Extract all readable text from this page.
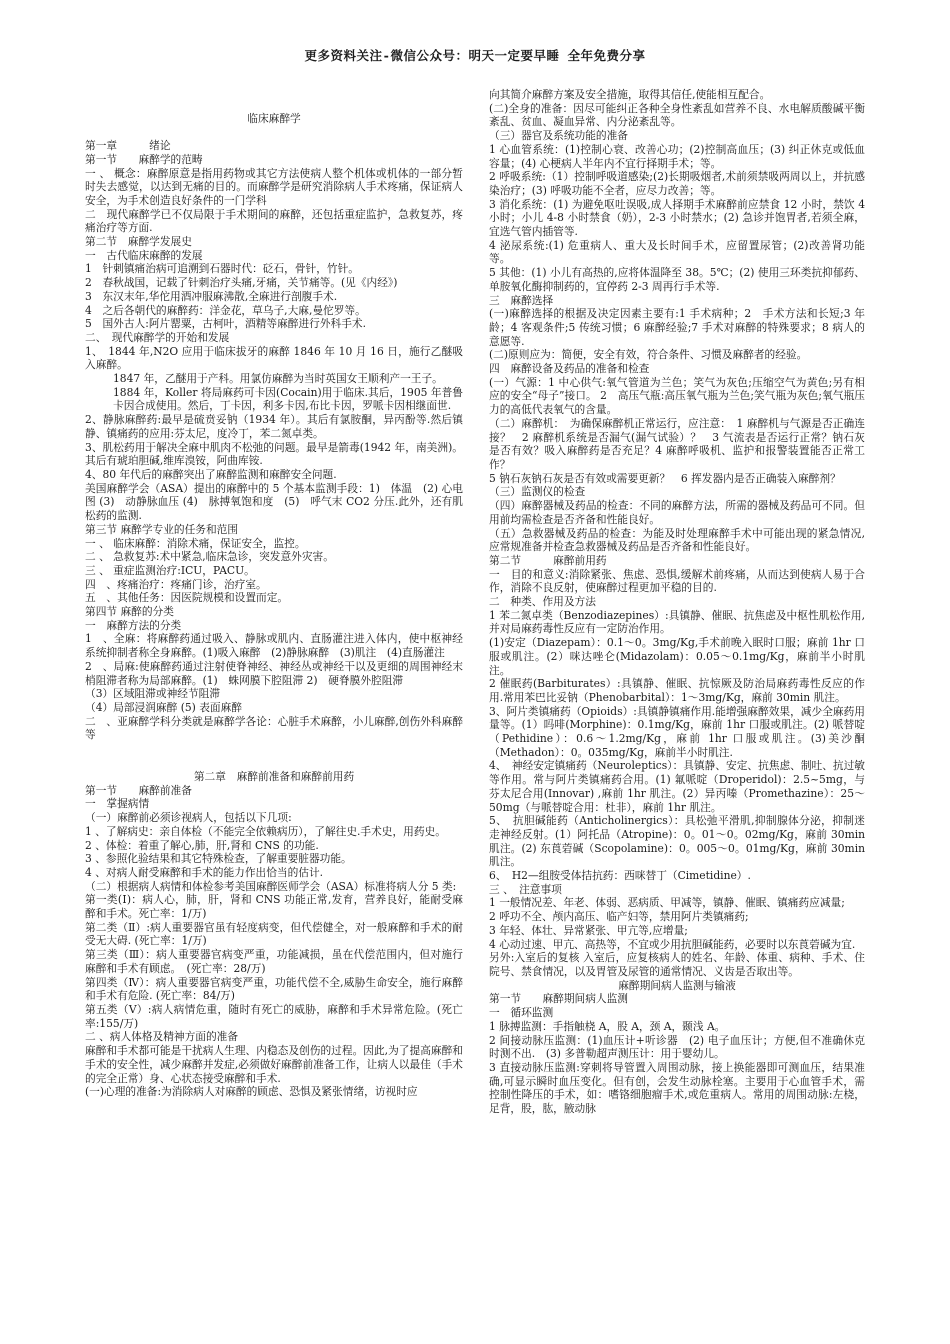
更多资料关注-微信公众号：明天一定要早睡 全年免费分享

临床麻醉学

第一章　　　绪论

第一节　　麻醉学的范畴

一 、 概念：麻醉原意是指用药物或其它方法使病人整个机体或机体的一部分暂时失去感觉，以达到无痛的目的。而麻醉学是研究消除病人手术疼痛，保证病人安全，为手术创造良好条件的一门学科

二　现代麻醉学已不仅局限于手术期间的麻醉，还包括重症监护，急救复苏，疼痛治疗等方面.

第二节　麻醉学发展史

一　古代临床麻醉的发展

1　针刺镇痛治病可追溯到石器时代：砭石，骨针，竹针。

2　春秋战国，记载了针刺治疗头痛,牙痛，关节痛等。(见《内经》)

3　东汉末年,华佗用酒冲服麻沸散,全麻进行剖腹手术.

4　之后各朝代的麻醉药：洋金花，草乌子,大麻,曼佗罗等。

5　国外古人:阿片罂粟，古柯叶，酒精等麻醉进行外科手术.

二、　现代麻醉学的开始和发展

1、　1844 年,N2O 应用于临床拔牙的麻醉 1846 年 10 月 16 日，施行乙醚吸入麻醉。

1847 年，乙醚用于产科。用氯仿麻醉为当时英国女王顺利产一王子。

1884 年，Koller 将局麻药可卡因(Cocain)用于临床.其后，1905 年普鲁卡因合成使用。然后，丁卡因，利多卡因,布比卡因，罗哌卡因相继面世.

2、静脉麻醉药:最早是硫贲妥钠（1934 年）。其后有氯胺酮，异丙酚等.然后镇静、镇痛药的应用:芬太尼，度冷丁，苯二氮卓类。

3、肌松药用于解决全麻中肌肉不松弛的问题。最早是箭毒(1942 年，南美洲)。其后有琥珀胆碱,维库溴铵，阿曲库铵.

4、80 年代后的麻醉突出了麻醉监测和麻醉安全问题.

美国麻醉学会（ASA）提出的麻醉中的 5 个基本监测手段：1)　体温　(2) 心电图 (3)　动静脉血压 (4)　脉搏氧饱和度　(5)　呼气末 CO2 分压.此外，还有肌松药的监测.

第三节 麻醉学专业的任务和范围

一 、 临床麻醉：消除术痛，保证安全，监控。

二 、 急救复苏:术中紧急,临床急诊，突发意外灾害。

三 、 重症监测治疗:ICU，PACU。

四　、疼痛治疗：疼痛门诊，治疗室。

五　、其他任务：因医院规模和设置而定。

第四节 麻醉的分类

一　麻醉方法的分类

1　、全麻：将麻醉药通过吸入、静脉或肌内、直肠灌注进入体内，使中枢神经系统抑制者称全身麻醉。(1)吸入麻醉　(2)静脉麻醉　(3)肌注　(4)直肠灌注

2　、局麻:使麻醉药通过注射使脊神经、神经丛或神经干以及更细的周围神经末梢阻滞者称为局部麻醉。(1)　蛛网膜下腔阻滞 2)　硬脊膜外腔阻滞

（3）区域阻滞或神经节阻滞

（4）局部浸润麻醉 (5) 表面麻醉

二　、亚麻醉学科分类就是麻醉学各论：心脏手术麻醉，小儿麻醉,创伤外科麻醉等

第二章　麻醉前准备和麻醉前用药

第一节　　麻醉前准备

一　掌握病情

（一）麻醉前必须诊视病人，包括以下几项:

1 、了解病史：亲自体检（不能完全依赖病历），了解往史.手术史，用药史。

2 、体检：着重了解心,肺，肝,肾和 CNS 的功能.

3 、参照化验结果和其它特殊检查，了解重要脏器功能。

4 、对病人耐受麻醉和手术的能力作出恰当的估计.

（二）根据病人病情和体检参考美国麻醉医师学会（ASA）标准将病人分 5 类:

第一类(Ⅰ)：病人心，肺，肝，肾和 CNS 功能正常,发育，营养良好，能耐受麻醉和手术。死亡率：1/万)

第二类（Ⅱ）:病人重要器官虽有轻度病变，但代偿健全，对一般麻醉和手术的耐受无大碍. (死亡率：1/万)

第三类（Ⅲ）：病人重要器官病变严重，功能减损，虽在代偿范围内，但对施行麻醉和手术有顾虑。　(死亡率：28/万)

第四类（Ⅳ）：病人重要器官病变严重，功能代偿不全,威胁生命安全，施行麻醉和手术有危险. (死亡率：84/万)

第五类（Ⅴ）:病人病情危重，随时有死亡的威胁，麻醉和手术异常危险。(死亡率:155/万)

二 、病人体格及精神方面的准备

麻醉和手术都可能是干扰病人生理、内稳态及创伤的过程。因此,为了提高麻醉和手术的安全性，减少麻醉并发症,必须做好麻醉前准备工作，让病人以最佳（手术的完全正常）身、心状态接受麻醉和手术.

(一)心理的准备:为消除病人对麻醉的顾虑、恐惧及紧张情绪，访视时应

向其简介麻醉方案及安全措施，取得其信任,使能相互配合。

(二)全身的准备：因尽可能纠正各种全身性紊乱如营养不良、水电解质酸碱平衡紊乱、贫血、凝血异常、内分泌紊乱等。

（三）器官及系统功能的准备

1 心血管系统：(1)控制心衰、改善心功；(2)控制高血压；(3) 纠正休克或低血容量；(4) 心梗病人半年内不宜行择期手术；等。

2 呼吸系统:（1）控制呼吸道感染;(2)长期吸烟者,术前须禁吸两周以上，并抗感染治疗；(3) 呼吸功能不全者，应尽力改善；等。

3 消化系统：(1) 为避免呕吐误吸,成人择期手术麻醉前应禁食 12 小时，禁饮 4 小时；小儿 4-8 小时禁食（奶），2-3 小时禁水；(2) 急诊并饱胃者,若须全麻，宜选气管内插管等.

4 泌尿系统:(1) 危重病人、重大及长时间手术，应留置尿管；(2)改善肾功能等。

5 其他：(1) 小儿有高热的,应将体温降至 38。5℃；(2) 使用三环类抗抑郁药、单胺氧化酶抑制药的，宜停药 2-3 周再行手术等.

三　麻醉选择

(一)麻醉选择的根据及决定因素主要有:1 手术病种；2　手术方法和长短;3 年龄；4 客观条件;5 传统习惯；6 麻醉经验;7 手术对麻醉的特殊要求；8 病人的意愿等.

(二)原则应为：简便，安全有效，符合条件、习惯及麻醉者的经验。

四　麻醉设备及药品的准备和检查

(一）气源：1 中心供气:氧气管道为兰色；笑气为灰色;压缩空气为黄色;另有相应的安全“母子”接口。 2　高压气瓶:高压氧气瓶为兰色;笑气瓶为灰色;氧气瓶压力的高低代表氧气的含量。

（二）麻醉机：　为确保麻醉机正常运行，应注意：　1 麻醉机与气源是否正确连接？　2 麻醉机系统是否漏气(漏气试验）？　3 气流表是否运行正常？钠石灰是否有效？吸入麻醉药是否充足？4 麻醉呼吸机、监护和报警装置能否正常工作？

5 钠石灰钠石灰是否有效或需要更新？　6 挥发器内是否正确装入麻醉剂？

（三）监测仪的检查

（四）麻醉器械及药品的检查：不同的麻醉方法，所需的器械及药品可不同。但用前均需检查是否齐备和性能良好。

（五）急救器械及药品的检查：为能及时处理麻醉手术中可能出现的紧急情况,应常规准备并检查急救器械及药品是否齐备和性能良好。

第二节　　　麻醉前用药

一　目的和意义:消除紧张、焦虑、恐惧,缓解术前疼痛，从而达到使病人易于合作，消除不良反射，使麻醉过程更加平稳的目的.

二　种类、作用及方法

1 苯二氮卓类（Benzodiazepines）:具镇静、催眠、抗焦虑及中枢性肌松作用,并对局麻药毒性反应有一定防治作用。

(1)安定（Diazepam）：0.1～0。3mg/Kg,手术前晚入眠时口服；麻前 1hr 口服或肌注。(2）咪达唑仑(Midazolam)：0.05～0.1mg/Kg，麻前半小时肌注。

2 催眠药(Barbiturates）:具镇静、催眠、抗惊厥及防治局麻药毒性反应的作用.常用苯巴比妥钠（Phenobarbital）：1～3mg/Kg，麻前 30min 肌注。

3、阿片类镇痛药（Opioids）:具镇静镇痛作用.能增强麻醉效果，减少全麻药用量等。(1）吗啡(Morphine)：0.1mg/Kg，麻前 1hr 口服或肌注。(2) 哌替啶（Pethidine）：0.6～1.2mg/Kg，麻前 1hr 口服或肌注。(3)美沙酮（Methadon）：0。035mg/Kg，麻前半小时肌注.

4、　神经安定镇痛药（Neuroleptics）：具镇静、安定、抗焦虑、制吐、抗过敏等作用。常与阿片类镇痛药合用。(1) 氟哌啶（Droperidol)：2.5~5mg，与芬太尼合用(Innovar) ,麻前 1hr 肌注。(2）异丙嗪（Promethazine）：25～50mg（与哌替啶合用：杜非），麻前 1hr 肌注。

5、　抗胆碱能药（Anticholinergics）：具松弛平滑肌,抑制腺体分泌，抑制迷走神经反射。(1）阿托品（Atropine)：0。01～0。02mg/Kg，麻前 30min 肌注。(2) 东莨菪碱（Scopolamine)：0。005～0。01mg/Kg，麻前 30min 肌注。

6、　H2—组胺受体拮抗药：西咪替丁（Cimetidine）.

三 、　注意事项

1 一般情况差、年老、体弱、恶病质、甲减等，镇静、催眠、镇痛药应减量;

2 呼功不全、颅内高压、临产妇等，禁用阿片类镇痛药;

3 年轻、体壮、异常紧张、甲亢等,应增量;

4 心动过速、甲亢、高热等，不宜或少用抗胆碱能药，必要时以东莨菪碱为宜.

另外:入室后的复核 入室后，应复核病人的姓名、年龄、体重、病种、手术、住院号、禁食情况，以及胃管及尿管的通常情况、义齿是否取出等。

麻醉期间病人监测与输液

第一节　　麻醉期间病人监测

一　循环监测

1 脉搏监测：手指触桡 A，股 A，颈 A，颞浅 A。

2 间接动脉压监测：(1)血压计+听诊器　(2) 电子血压计；方便,但不准确休克时测不出.　(3) 多普勒超声测压计：用于婴幼儿。

3 直接动脉压监测:穿刺将导管置入周围动脉，接上换能器即可测血压，结果准确,可显示瞬时血压变化。但有创，会发生动脉栓塞。主要用于心血管手术，需控制性降压的手术，如：嗜铬细胞瘤手术,或危重病人。常用的周围动脉:左桡，足背，股，肱，腋动脉
